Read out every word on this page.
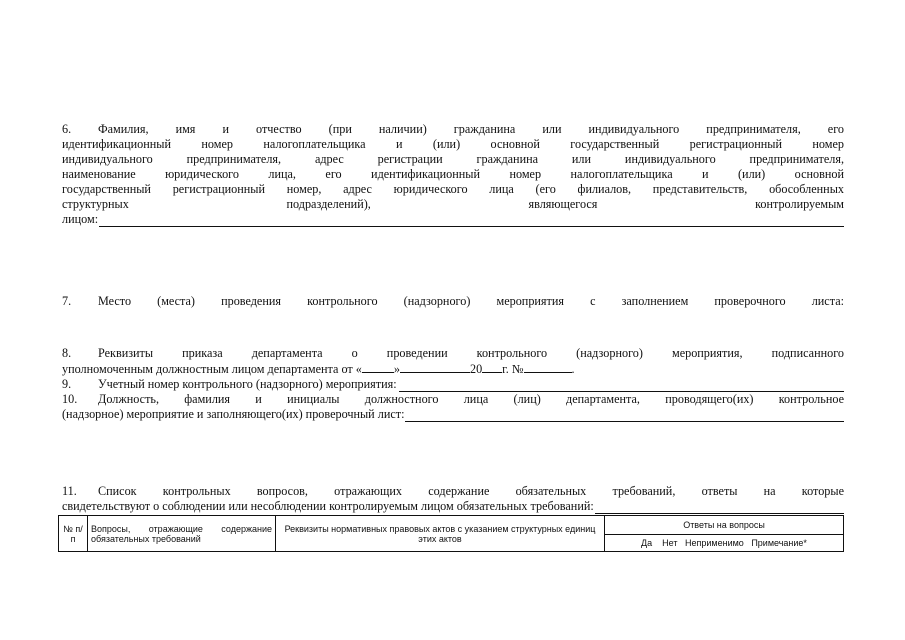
6. Фамилия, имя и отчество (при наличии) гражданина или индивидуального предпринимателя, его
идентификационный номер налогоплательщика и (или) основной государственный регистрационный номер
индивидуального предпринимателя, адрес регистрации гражданина или индивидуального предпринимателя,
наименование юридического лица, его идентификационный номер налогоплательщика и (или) основной
государственный регистрационный номер, адрес юридического лица (его филиалов, представительств, обособленных
структурных подразделений), являющегося контролируемым
лицом:
7. Место (места) проведения контрольного (надзорного) мероприятия с заполнением проверочного листа:
8. Реквизиты приказа департамента о проведении контрольного (надзорного) мероприятия, подписанного
уполномоченным должностным лицом департамента от «	»	20 г. №	.
9.	Учетный номер контрольного (надзорного) мероприятия:
10. Должность, фамилия и инициалы должностного лица (лиц) департамента, проводящего(их) контрольное
(надзорное) мероприятие и заполняющего(их) проверочный лист:
11. Список контрольных вопросов, отражающих содержание обязательных требований, ответы на которые
свидетельствуют о соблюдении или несоблюдении контролируемым лицом обязательных требований:
№ п/п	Вопросы, отражающие содержание обязательных требований	Реквизиты нормативных правовых актов с указанием структурных единиц этих актов	Ответы на вопросы
Да Нет Неприменимо Примечание*
